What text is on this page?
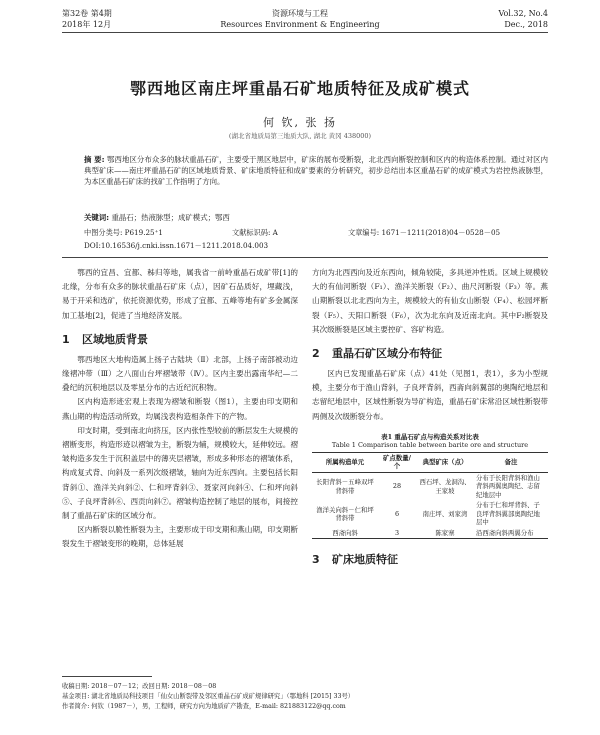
第32卷 第4期
2018年 12月
资源环境与工程
Resources Environment & Engineering
Vol.32, No.4
Dec., 2018
鄂西地区南庄坪重晶石矿地质特征及成矿模式
何 钦, 张 扬
(湖北省地质局第三地质大队, 湖北 黄冈 438000)
摘 要: 鄂西地区分布众多的脉状重晶石矿，主要受于黑区地层中，矿床的展布受断裂，北北西向断裂控制和区内的构造体系控制。通过对区内典型矿床——南庄坪重晶石矿的区域地质背景、矿床地质特征和成矿要素的分析研究，初步总结出本区重晶石矿的成矿模式为岩控热液脉型，为本区重晶石矿床的找矿工作指明了方向。
关键词: 重晶石；热液脉型；成矿模式；鄂西
中图分类号: P619.25⁺1	文献标识码: A	文章编号: 1671－1211(2018)04－0528－05
DOI:10.16536/j.cnki.issn.1671－1211.2018.04.003
鄂西的宜昌、宜都、秭归等地，属我省一前岭重晶石成矿带[1]的北缘，分布有众多的脉状重晶石矿床（点），因矿石品质好，埋藏浅，易于开采和选矿，依托资源优势，形成了宜都、五峰等地有矿多金属深加工基地[2]，促进了当地经济发展。
1 区域地质背景
鄂西地区大地构造属上扬子古陆块（Ⅱ）北部，上扬子南部被动边缘褶冲带（Ⅲ）之八面山台坪褶皱带（Ⅳ）。区内主要出露南华纪—二叠纪的沉积地层以及零星分布的古近纪沉积物。
区内构造形迹宏观上表现为褶皱和断裂（图1），主要由印支期和燕山期的构造活动所致，均属浅表构造相条件下的产物。
印支时期，受到南北向挤压，区内张性型较前的断层发生大规模的褶断变形，构造形迹以褶皱为主，断裂为辅，规模较大，延伸较远。褶皱构造多发生于沉积盖层中的薄夹层褶皱，形成多种形态的褶皱体系，构成复式背、向斜及一系列次级褶皱，轴向为近东西向。主要包括长阳背斜①、渔洋关向斜②、仁和坪背斜③、聂家河向斜④、仁和坪向斜⑤、子良坪背斜⑥、西贡向斜⑦。褶皱构造控制了地层的展布，间接控制了重晶石矿床的区域分布。
区内断裂以脆性断裂为主，主要形成于印支期和燕山期，印支期断裂发生于褶皱变形的晚期，总体延展
方向为北西西向及近东西向，倾角较陡，多具逆冲性质。区域上规模较大的有仙河断裂（F₁）、渔洋关断裂（F₂）、曲尺河断裂（F₃）等。燕山期断裂以北北西向为主，规模较大的有仙女山断裂（F₄）、松园坪断裂（F₅）、天阳口断裂（F₆），次为北东向及近南北向。其中F₂断裂及其次级断裂是区域主要控矿、容矿构造。
2 重晶石矿区域分布特征
区内已发现重晶石矿床（点）41处（见图1，表1），多为小型规模，主要分布于渔山背斜，子良坪背斜，西斋向斜翼部的奥陶纪地层和志留纪地层中，区域性断裂为导矿构造，重晶石矿床常沿区域性断裂带两侧及次级断裂分布。
表1 重晶石矿点与构造关系对比表
Table 1 Comparison table between barite ore and structure
所属构造单元	矿点数量/个	典型矿床（点）	备注
长阳背斜－五峰双坪背斜带	28	西石坪、龙洞沟、王家坡	分布于长阳背斜和渔山背斜两翼奥陶纪、志留纪地层中
渔洋关向斜－仁和坪背斜带	6	南庄坪、刘家湾	分布于仁和坪背斜、子良坪背斜翼部奥陶纪地层中
西斋向斜	3	陈家寨	沿西斋向斜两翼分布
3 矿床地质特征
收稿日期: 2018－07－12；改回日期: 2018－08－08
基金项目: 湖北省地质局科技项目「仙女山断裂带及邻区重晶石矿成矿规律研究」（鄂地科 [2015] 33号）
作者简介: 何钦（1987－），男，工程师，研究方向为地质矿产勘查，E-mail: 821883122@qq.com
